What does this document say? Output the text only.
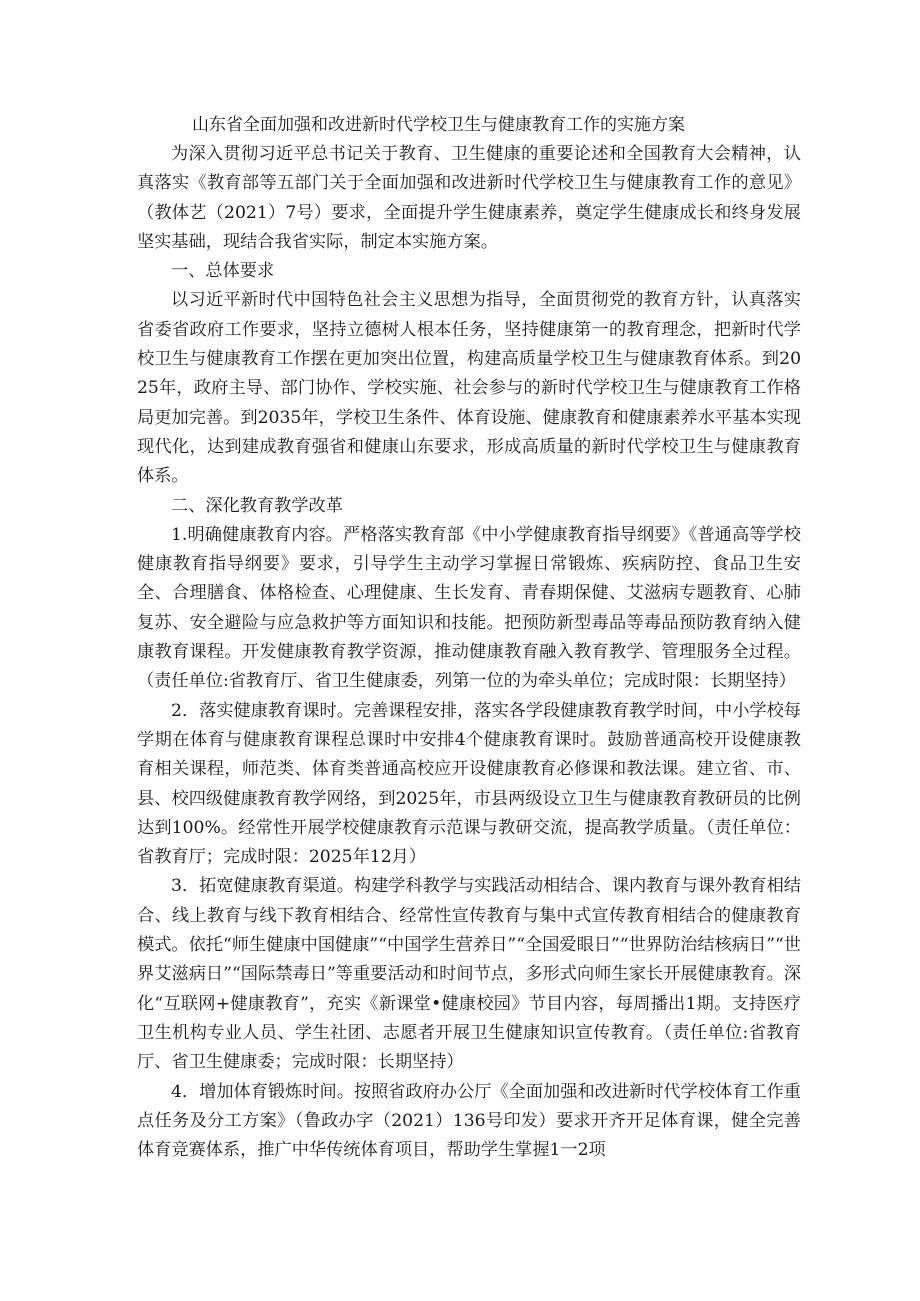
山东省全面加强和改进新时代学校卫生与健康教育工作的实施方案

为深入贯彻习近平总书记关于教育、卫生健康的重要论述和全国教育大会精神，认真落实《教育部等五部门关于全面加强和改进新时代学校卫生与健康教育工作的意见》（教体艺（2021）7号）要求，全面提升学生健康素养，奠定学生健康成长和终身发展坚实基础，现结合我省实际，制定本实施方案。

一、总体要求

以习近平新时代中国特色社会主义思想为指导，全面贯彻党的教育方针，认真落实省委省政府工作要求，坚持立德树人根本任务，坚持健康第一的教育理念，把新时代学校卫生与健康教育工作摆在更加突出位置，构建高质量学校卫生与健康教育体系。到2025年，政府主导、部门协作、学校实施、社会参与的新时代学校卫生与健康教育工作格局更加完善。到2035年，学校卫生条件、体育设施、健康教育和健康素养水平基本实现现代化，达到建成教育强省和健康山东要求，形成高质量的新时代学校卫生与健康教育体系。

二、深化教育教学改革

1.明确健康教育内容。严格落实教育部《中小学健康教育指导纲要》《普通高等学校健康教育指导纲要》要求，引导学生主动学习掌握日常锻炼、疾病防控、食品卫生安全、合理膳食、体格检查、心理健康、生长发育、青春期保健、艾滋病专题教育、心肺复苏、安全避险与应急救护等方面知识和技能。把预防新型毒品等毒品预防教育纳入健康教育课程。开发健康教育教学资源，推动健康教育融入教育教学、管理服务全过程。（责任单位:省教育厅、省卫生健康委，列第一位的为牵头单位；完成时限：长期坚持）

2．落实健康教育课时。完善课程安排，落实各学段健康教育教学时间，中小学校每学期在体育与健康教育课程总课时中安排4个健康教育课时。鼓励普通高校开设健康教育相关课程，师范类、体育类普通高校应开设健康教育必修课和教法课。建立省、市、县、校四级健康教育教学网络，到2025年，市县两级设立卫生与健康教育教研员的比例达到100%。经常性开展学校健康教育示范课与教研交流，提高教学质量。（责任单位：省教育厅；完成时限：2025年12月）

3．拓宽健康教育渠道。构建学科教学与实践活动相结合、课内教育与课外教育相结合、线上教育与线下教育相结合、经常性宣传教育与集中式宣传教育相结合的健康教育模式。依托“师生健康中国健康”“中国学生营养日”“全国爱眼日”“世界防治结核病日”“世界艾滋病日”“国际禁毒日”等重要活动和时间节点，多形式向师生家长开展健康教育。深化“互联网+健康教育”，充实《新课堂•健康校园》节目内容，每周播出1期。支持医疗卫生机构专业人员、学生社团、志愿者开展卫生健康知识宣传教育。（责任单位:省教育厅、省卫生健康委；完成时限：长期坚持）

4．增加体育锻炼时间。按照省政府办公厅《全面加强和改进新时代学校体育工作重点任务及分工方案》（鲁政办字（2021）136号印发）要求开齐开足体育课，健全完善体育竞赛体系，推广中华传统体育项目，帮助学生掌握1一2项
